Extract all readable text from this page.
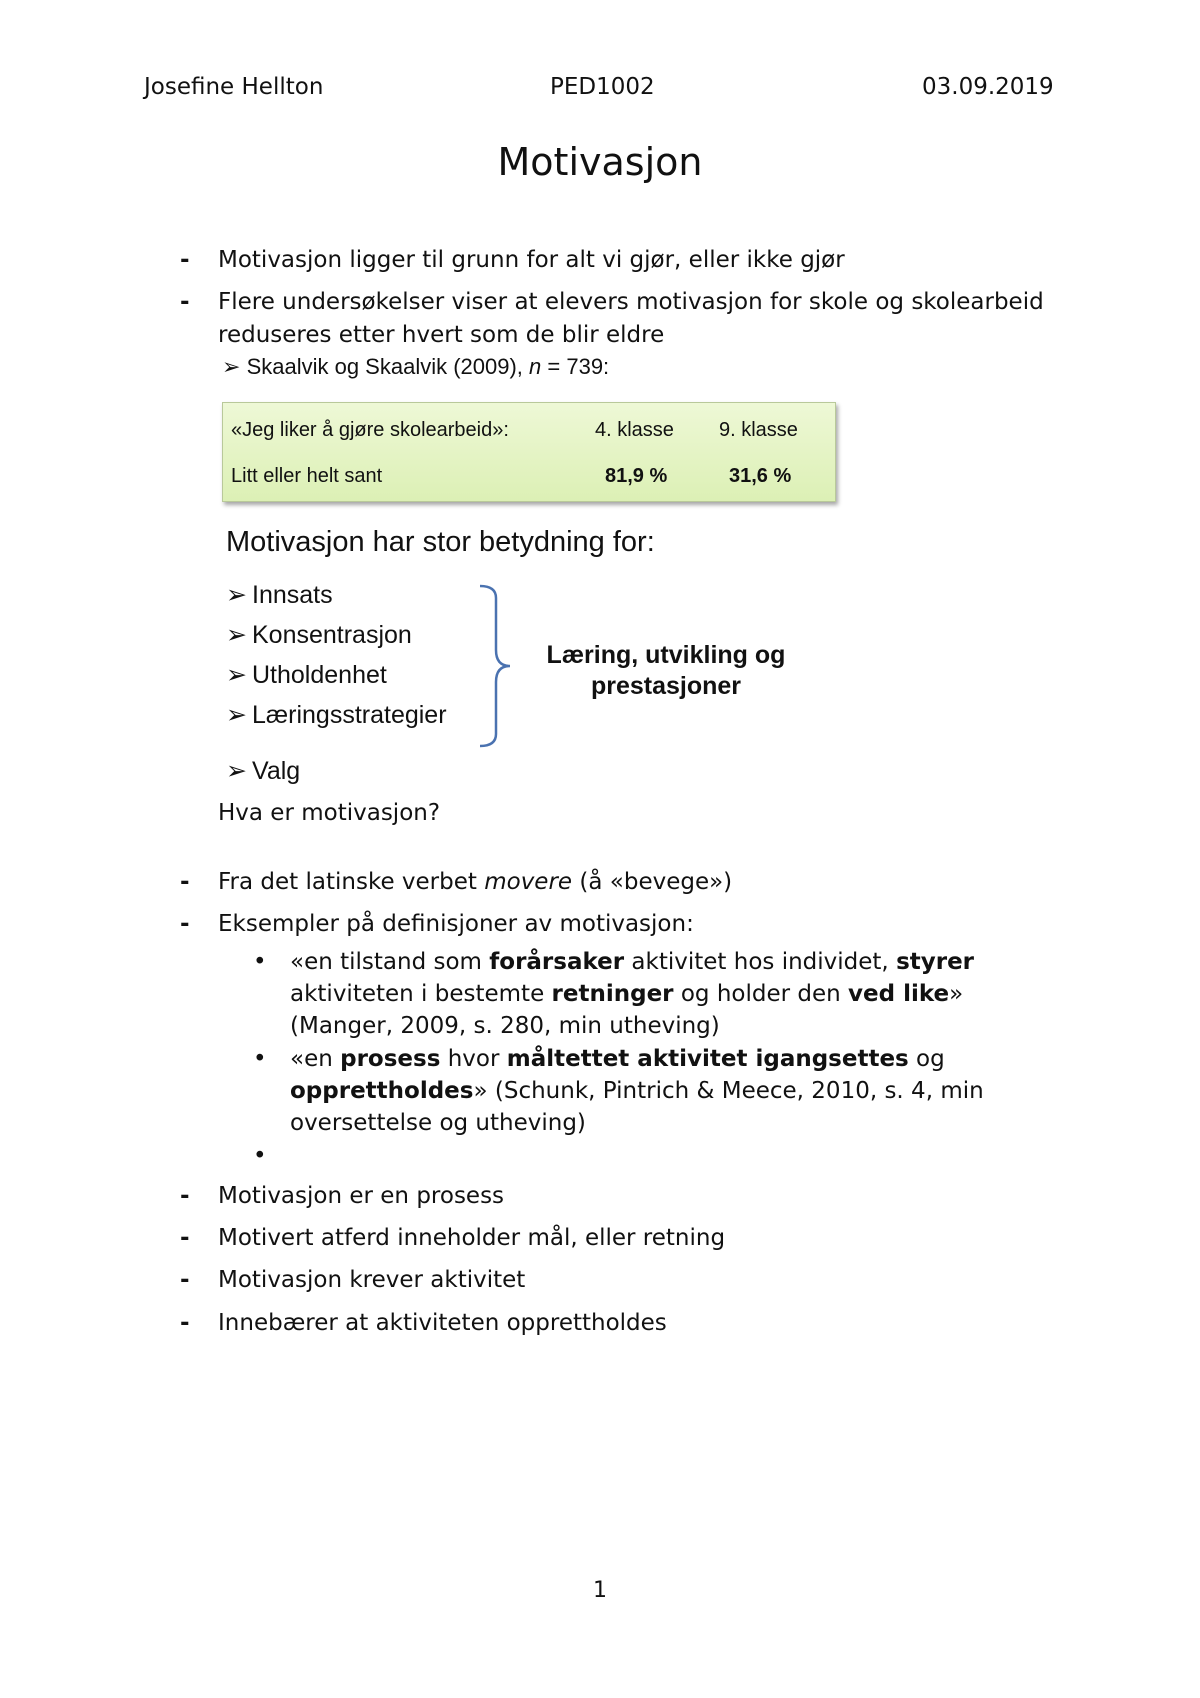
Josefine Hellton	PED1002	03.09.2019
Motivasjon
- Motivasjon ligger til grunn for alt vi gjør, eller ikke gjør
- Flere undersøkelser viser at elevers motivasjon for skole og skolearbeid reduseres etter hvert som de blir eldre
➢ Skaalvik og Skaalvik (2009), n = 739:
«Jeg liker å gjøre skolearbeid»:	4. klasse 9. klasse
Litt eller helt sant	81,9 %	31,6 %
Motivasjon har stor betydning for:
➢ Innsats
➢ Konsentrasjon
➢ Utholdenhet
➢ Læringsstrategier
Læring, utvikling og
prestasjoner
➢ Valg
Hva er motivasjon?
- Fra det latinske verbet movere (å «bevege»)
- Eksempler på definisjoner av motivasjon:
• «en tilstand som forårsaker aktivitet hos individet, styrer aktiviteten i bestemte retninger og holder den ved like» (Manger, 2009, s. 280, min utheving)
• «en prosess hvor måltettet aktivitet igangsettes og opprettholdes» (Schunk, Pintrich & Meece, 2010, s. 4, min oversettelse og utheving)
•
- Motivasjon er en prosess
- Motivert atferd inneholder mål, eller retning
- Motivasjon krever aktivitet
- Innebærer at aktiviteten opprettholdes
1
